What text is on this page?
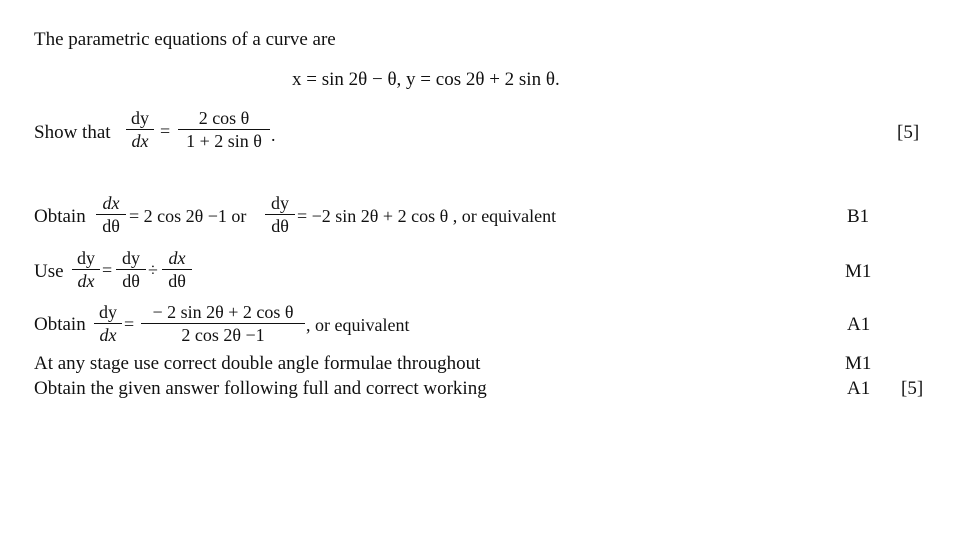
The parametric equations of a curve are
x = sin 2θ − θ, y = cos 2θ + 2 sin θ.
Show that
dy
dx =
2 cos θ
1 + 2 sin θ .	[5]
Obtain
dx
dθ = 2 cos 2θ −1 or
dy
dθ = −2 sin 2θ + 2 cos θ , or equivalent	B1
Use
dy
dx
=
dy
dθ
÷
dx
dθ	M1
Obtain
dy
dx
=
− 2 sin 2θ + 2 cos θ
2 cos 2θ −1	, or equivalent	A1
At any stage use correct double angle formulae throughout	M1
Obtain the given answer following full and correct working	A1 [5]
